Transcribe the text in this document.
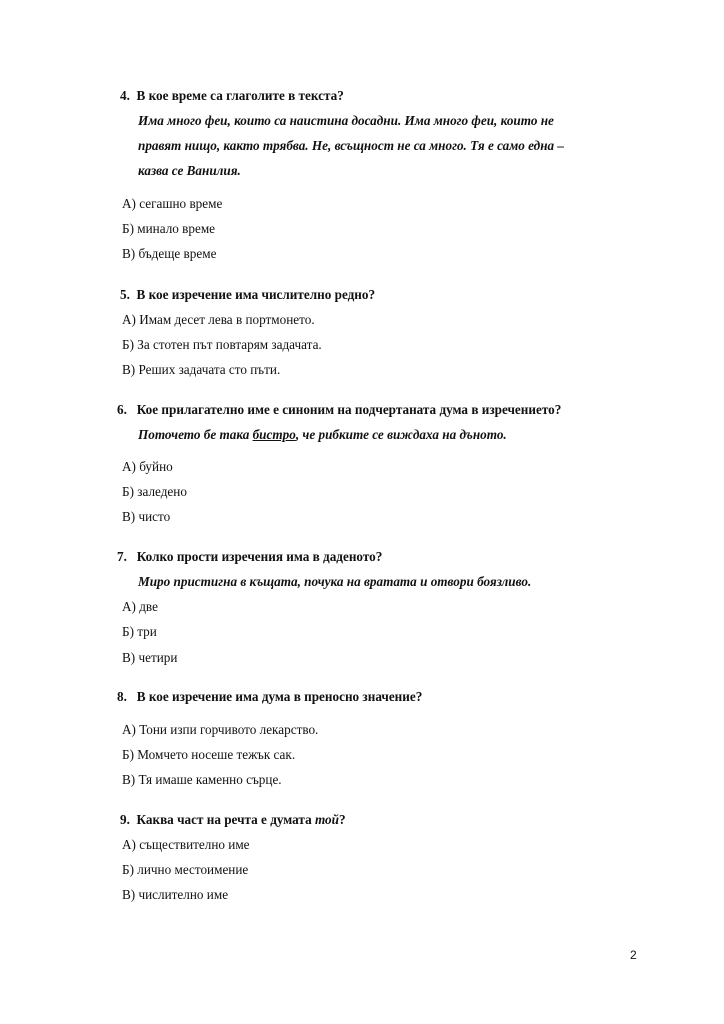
4. В кое време са глаголите в текста?
Има много феи, които са наистина досадни. Има много феи, които не
правят нищо, както трябва. Не, всъщност не са много. Тя е само една –
казва се Ванилия.
А) сегашно време
Б) минало време
В) бъдеще време
5. В кое изречение има числително редно?
А) Имам десет лева в портмонето.
Б) За стотен път повтарям задачата.
В) Реших задачата сто пъти.
6. Кое прилагателно име е синоним на подчертаната дума в изречението?
Поточето бе така бистро, че рибките се виждаха на дъното.
А) буйно
Б) заледено
В) чисто
7. Колко прости изречения има в даденото?
Миро пристигна в къщата, почука на вратата и отвори боязливо.
А) две
Б) три
В) четири
8. В кое изречение има дума в преносно значение?
А) Тони изпи горчивото лекарство.
Б) Момчето носеше тежък сак.
В) Тя имаше каменно сърце.
9. Каква част на речта е думата той?
А) съществително име
Б) лично местоимение
В) числително име
2
